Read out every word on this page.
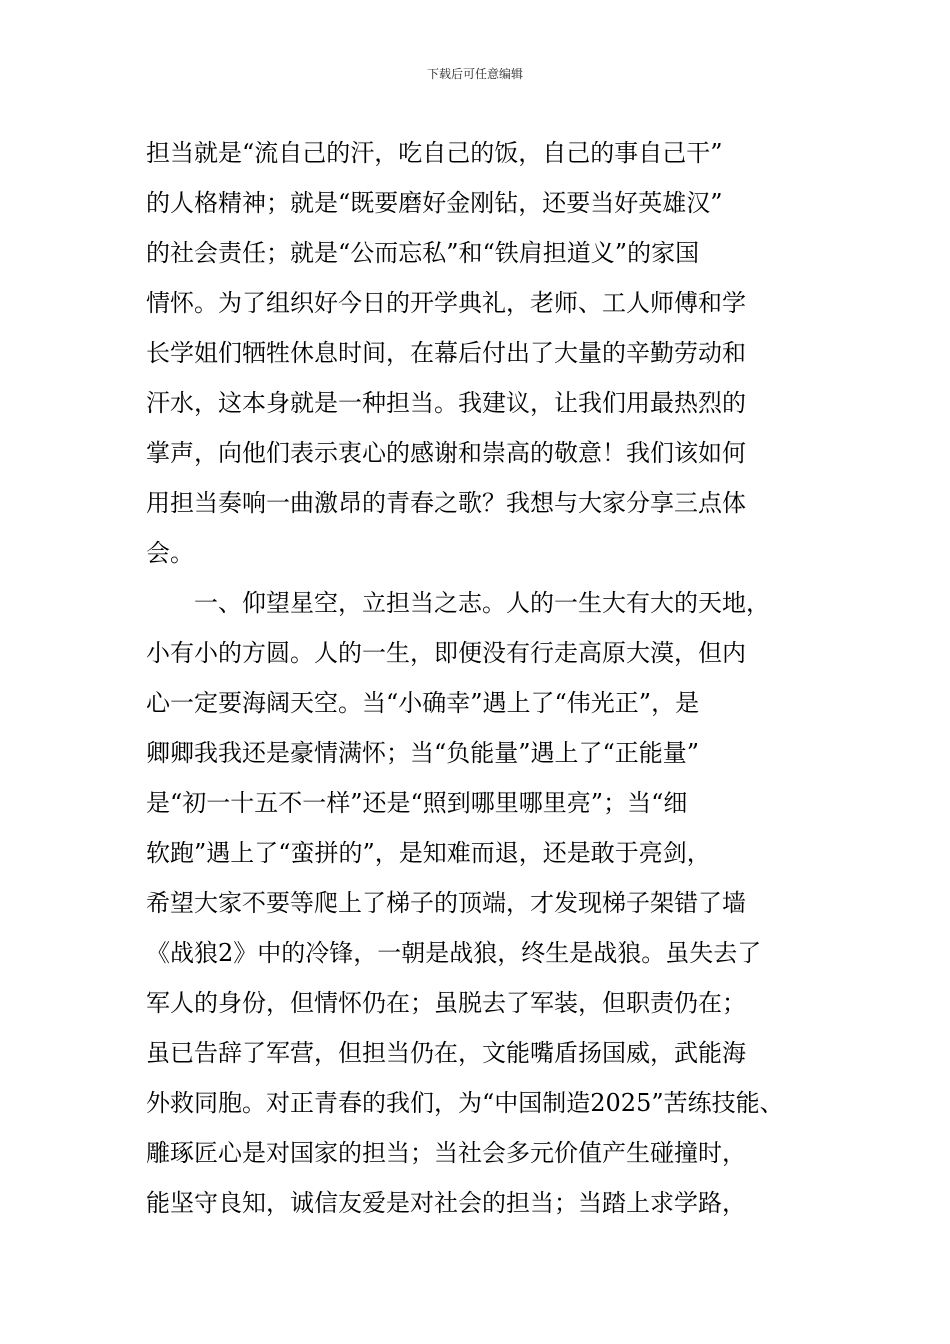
下载后可任意编辑
担当就是“流自己的汗，吃自己的饭，自己的事自己干”
的人格精神；就是“既要磨好金刚钻，还要当好英雄汉”
的社会责任；就是“公而忘私”和“铁肩担道义”的家国
情怀。为了组织好今日的开学典礼，老师、工人师傅和学
长学姐们牺牲休息时间，在幕后付出了大量的辛勤劳动和
汗水，这本身就是一种担当。我建议，让我们用最热烈的
掌声，向他们表示衷心的感谢和崇高的敬意！我们该如何
用担当奏响一曲激昂的青春之歌？我想与大家分享三点体
会。
　　一、仰望星空，立担当之志。人的一生大有大的天地，
小有小的方圆。人的一生，即便没有行走高原大漠，但内
心一定要海阔天空。当“小确幸”遇上了“伟光正”，是
卿卿我我还是豪情满怀；当“负能量”遇上了“正能量”
是“初一十五不一样”还是“照到哪里哪里亮”；当“细
软跑”遇上了“蛮拼的”，是知难而退，还是敢于亮剑，
希望大家不要等爬上了梯子的顶端，才发现梯子架错了墙
《战狼2》中的冷锋，一朝是战狼，终生是战狼。虽失去了
军人的身份，但情怀仍在；虽脱去了军装，但职责仍在；
虽已告辞了军营，但担当仍在，文能嘴盾扬国威，武能海
外救同胞。对正青春的我们，为“中国制造2025”苦练技能、
雕琢匠心是对国家的担当；当社会多元价值产生碰撞时，
能坚守良知，诚信友爱是对社会的担当；当踏上求学路，
